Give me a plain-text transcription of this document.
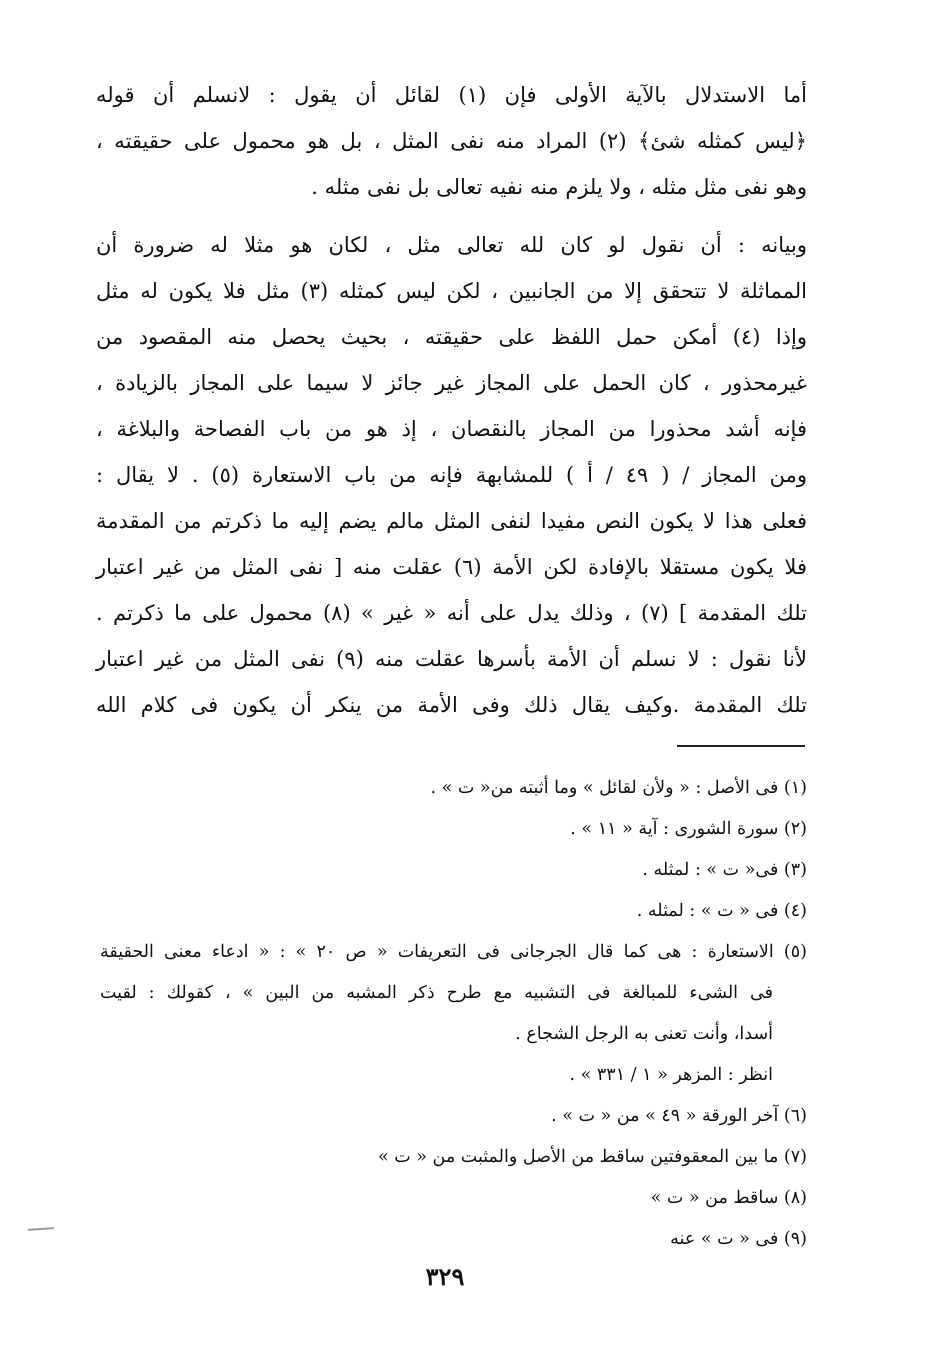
أما الاستدلال بالآية الأولى فإن (١) لقائل أن يقول : لانسلم أن قوله
﴿ليس كمثله شئ﴾ (٢) المراد منه نفى المثل ، بل هو محمول على حقيقته ،
وهو نفى مثل مثله ، ولا يلزم منه نفيه تعالى بل نفى مثله .
وبيانه : أن نقول لو كان لله تعالى مثل ، لكان هو مثلا له ضرورة أن
المماثلة لا تتحقق إلا من الجانبين ، لكن ليس كمثله (٣) مثل فلا يكون له مثل
وإذا (٤) أمكن حمل اللفظ على حقيقته ، بحيث يحصل منه المقصود من
غيرمحذور ، كان الحمل على المجاز غير جائز لا سيما على المجاز بالزيادة ،
فإنه أشد محذورا من المجاز بالنقصان ، إذ هو من باب الفصاحة والبلاغة ،
ومن المجاز / ( ٤٩ / أ ) للمشابهة فإنه من باب الاستعارة (٥) . لا يقال :
فعلى هذا لا يكون النص مفيدا لنفى المثل مالم يضم إليه ما ذكرتم من المقدمة
فلا يكون مستقلا بالإفادة لكن الأمة (٦) عقلت منه [ نفى المثل من غير اعتبار
تلك المقدمة ] (٧) ، وذلك يدل على أنه « غير » (٨) محمول على ما ذكرتم .
لأنا نقول : لا نسلم أن الأمة بأسرها عقلت منه (٩) نفى المثل من غير اعتبار
تلك المقدمة .وكيف يقال ذلك وفى الأمة من ينكر أن يكون فى كلام الله
(١) فى الأصل : « ولأن لقائل » وما أثبته من« ت » .
(٢) سورة الشورى : آية « ١١ » .
(٣) فى« ت » : لمثله .
(٤) فى « ت » : لمثله .
(٥) الاستعارة : هى كما قال الجرجانى فى التعريفات « ص ٢٠ » : « ادعاء معنى الحقيقة
فى الشىء للمبالغة فى التشبيه مع طرح ذكر المشبه من البين » ، كقولك : لقيت
أسدا، وأنت تعنى به الرجل الشجاع .
انظر : المزهر « ١ / ٣٣١ » .
(٦) آخر الورقة « ٤٩ » من « ت » .
(٧) ما بين المعقوفتين ساقط من الأصل والمثبت من « ت »
(٨) ساقط من « ت »
(٩) فى « ت » عنه
٣٢٩
